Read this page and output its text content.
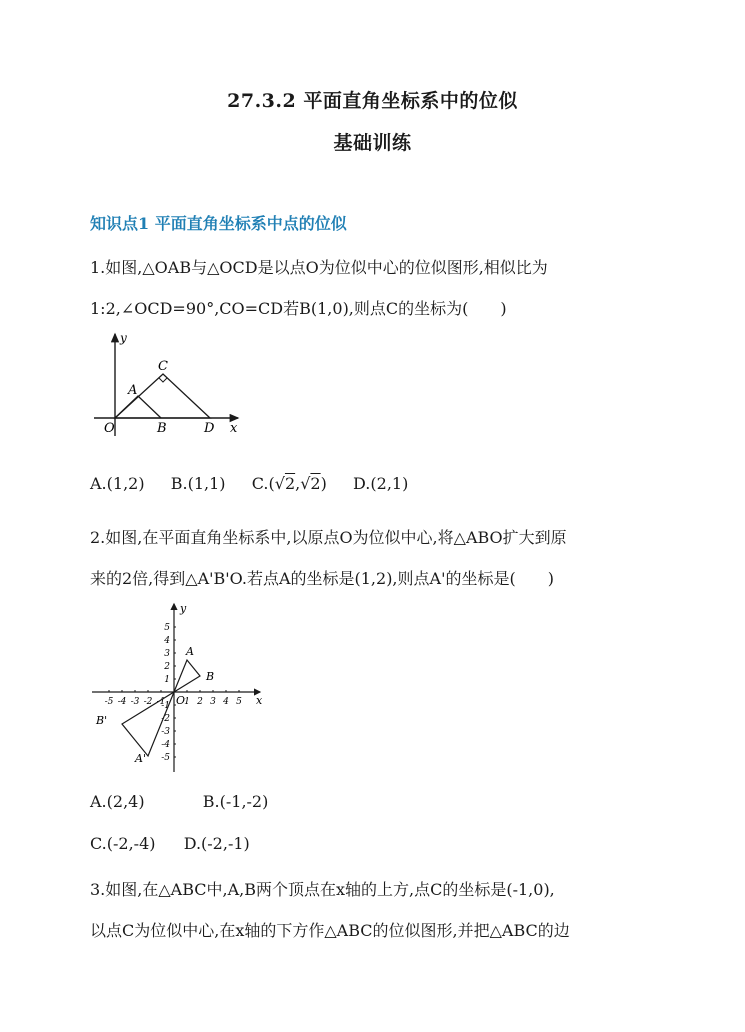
27.3.2 平面直角坐标系中的位似
基础训练
知识点1 平面直角坐标系中点的位似
1.如图,△OAB与△OCD是以点O为位似中心的位似图形,相似比为
1:2,∠OCD=90°,CO=CD若B(1,0),则点C的坐标为(　　)
y
x
O
A
B
C
D
A.(1,2) B.(1,1) C.(√2,√2) D.(2,1)
2.如图,在平面直角坐标系中,以原点O为位似中心,将△ABO扩大到原
来的2倍,得到△A'B'O.若点A的坐标是(1,2),则点A'的坐标是(　　)
-5 -4 -3 -2 -1 1 2 3 4 5
5
4
3
2
1
-1
-2
-3
-4
-5
y
x
O
A
B
A'
B'
A.(2,4)	B.(-1,-2)
C.(-2,-4) D.(-2,-1)
3.如图,在△ABC中,A,B两个顶点在x轴的上方,点C的坐标是(-1,0),
以点C为位似中心,在x轴的下方作△ABC的位似图形,并把△ABC的边
